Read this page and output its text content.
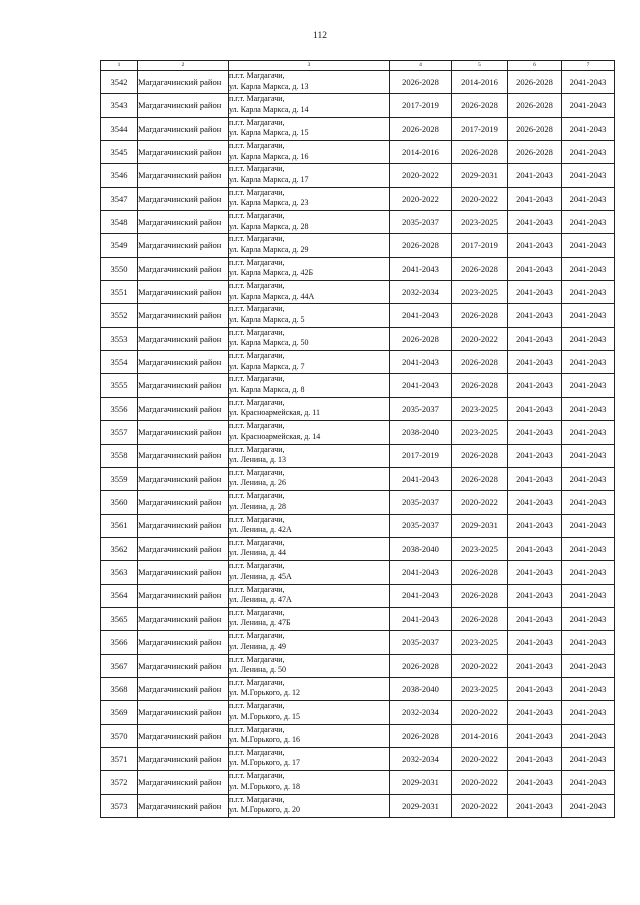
112
1	2	3	4	5	6	7
3542	Магдагачинский район	п.г.т. Магдагачи,
ул. Карла Маркса, д. 13	2026-2028	2014-2016	2026-2028	2041-2043
3543	Магдагачинский район	п.г.т. Магдагачи,
ул. Карла Маркса, д. 14	2017-2019	2026-2028	2026-2028	2041-2043
3544	Магдагачинский район	п.г.т. Магдагачи,
ул. Карла Маркса, д. 15	2026-2028	2017-2019	2026-2028	2041-2043
3545	Магдагачинский район	п.г.т. Магдагачи,
ул. Карла Маркса, д. 16	2014-2016	2026-2028	2026-2028	2041-2043
3546	Магдагачинский район	п.г.т. Магдагачи,
ул. Карла Маркса, д. 17	2020-2022	2029-2031	2041-2043	2041-2043
3547	Магдагачинский район	п.г.т. Магдагачи,
ул. Карла Маркса, д. 23	2020-2022	2020-2022	2041-2043	2041-2043
3548	Магдагачинский район	п.г.т. Магдагачи,
ул. Карла Маркса, д. 28	2035-2037	2023-2025	2041-2043	2041-2043
3549	Магдагачинский район	п.г.т. Магдагачи,
ул. Карла Маркса, д. 29	2026-2028	2017-2019	2041-2043	2041-2043
3550	Магдагачинский район	п.г.т. Магдагачи,
ул. Карла Маркса, д. 42Б	2041-2043	2026-2028	2041-2043	2041-2043
3551	Магдагачинский район	п.г.т. Магдагачи,
ул. Карла Маркса, д. 44А	2032-2034	2023-2025	2041-2043	2041-2043
3552	Магдагачинский район	п.г.т. Магдагачи,
ул. Карла Маркса, д. 5	2041-2043	2026-2028	2041-2043	2041-2043
3553	Магдагачинский район	п.г.т. Магдагачи,
ул. Карла Маркса, д. 50	2026-2028	2020-2022	2041-2043	2041-2043
3554	Магдагачинский район	п.г.т. Магдагачи,
ул. Карла Маркса, д. 7	2041-2043	2026-2028	2041-2043	2041-2043
3555	Магдагачинский район	п.г.т. Магдагачи,
ул. Карла Маркса, д. 8	2041-2043	2026-2028	2041-2043	2041-2043
3556	Магдагачинский район	п.г.т. Магдагачи,
ул. Красноармейская, д. 11	2035-2037	2023-2025	2041-2043	2041-2043
3557	Магдагачинский район	п.г.т. Магдагачи,
ул. Красноармейская, д. 14	2038-2040	2023-2025	2041-2043	2041-2043
3558	Магдагачинский район	п.г.т. Магдагачи,
ул. Ленина, д. 13	2017-2019	2026-2028	2041-2043	2041-2043
3559	Магдагачинский район	п.г.т. Магдагачи,
ул. Ленина, д. 26	2041-2043	2026-2028	2041-2043	2041-2043
3560	Магдагачинский район	п.г.т. Магдагачи,
ул. Ленина, д. 28	2035-2037	2020-2022	2041-2043	2041-2043
3561	Магдагачинский район	п.г.т. Магдагачи,
ул. Ленина, д. 42А	2035-2037	2029-2031	2041-2043	2041-2043
3562	Магдагачинский район	п.г.т. Магдагачи,
ул. Ленина, д. 44	2038-2040	2023-2025	2041-2043	2041-2043
3563	Магдагачинский район	п.г.т. Магдагачи,
ул. Ленина, д. 45А	2041-2043	2026-2028	2041-2043	2041-2043
3564	Магдагачинский район	п.г.т. Магдагачи,
ул. Ленина, д. 47А	2041-2043	2026-2028	2041-2043	2041-2043
3565	Магдагачинский район	п.г.т. Магдагачи,
ул. Ленина, д. 47Б	2041-2043	2026-2028	2041-2043	2041-2043
3566	Магдагачинский район	п.г.т. Магдагачи,
ул. Ленина, д. 49	2035-2037	2023-2025	2041-2043	2041-2043
3567	Магдагачинский район	п.г.т. Магдагачи,
ул. Ленина, д. 50	2026-2028	2020-2022	2041-2043	2041-2043
3568	Магдагачинский район	п.г.т. Магдагачи,
ул. М.Горького, д. 12	2038-2040	2023-2025	2041-2043	2041-2043
3569	Магдагачинский район	п.г.т. Магдагачи,
ул. М.Горького, д. 15	2032-2034	2020-2022	2041-2043	2041-2043
3570	Магдагачинский район	п.г.т. Магдагачи,
ул. М.Горького, д. 16	2026-2028	2014-2016	2041-2043	2041-2043
3571	Магдагачинский район	п.г.т. Магдагачи,
ул. М.Горького, д. 17	2032-2034	2020-2022	2041-2043	2041-2043
3572	Магдагачинский район	п.г.т. Магдагачи,
ул. М.Горького, д. 18	2029-2031	2020-2022	2041-2043	2041-2043
3573	Магдагачинский район	п.г.т. Магдагачи,
ул. М.Горького, д. 20	2029-2031	2020-2022	2041-2043	2041-2043
